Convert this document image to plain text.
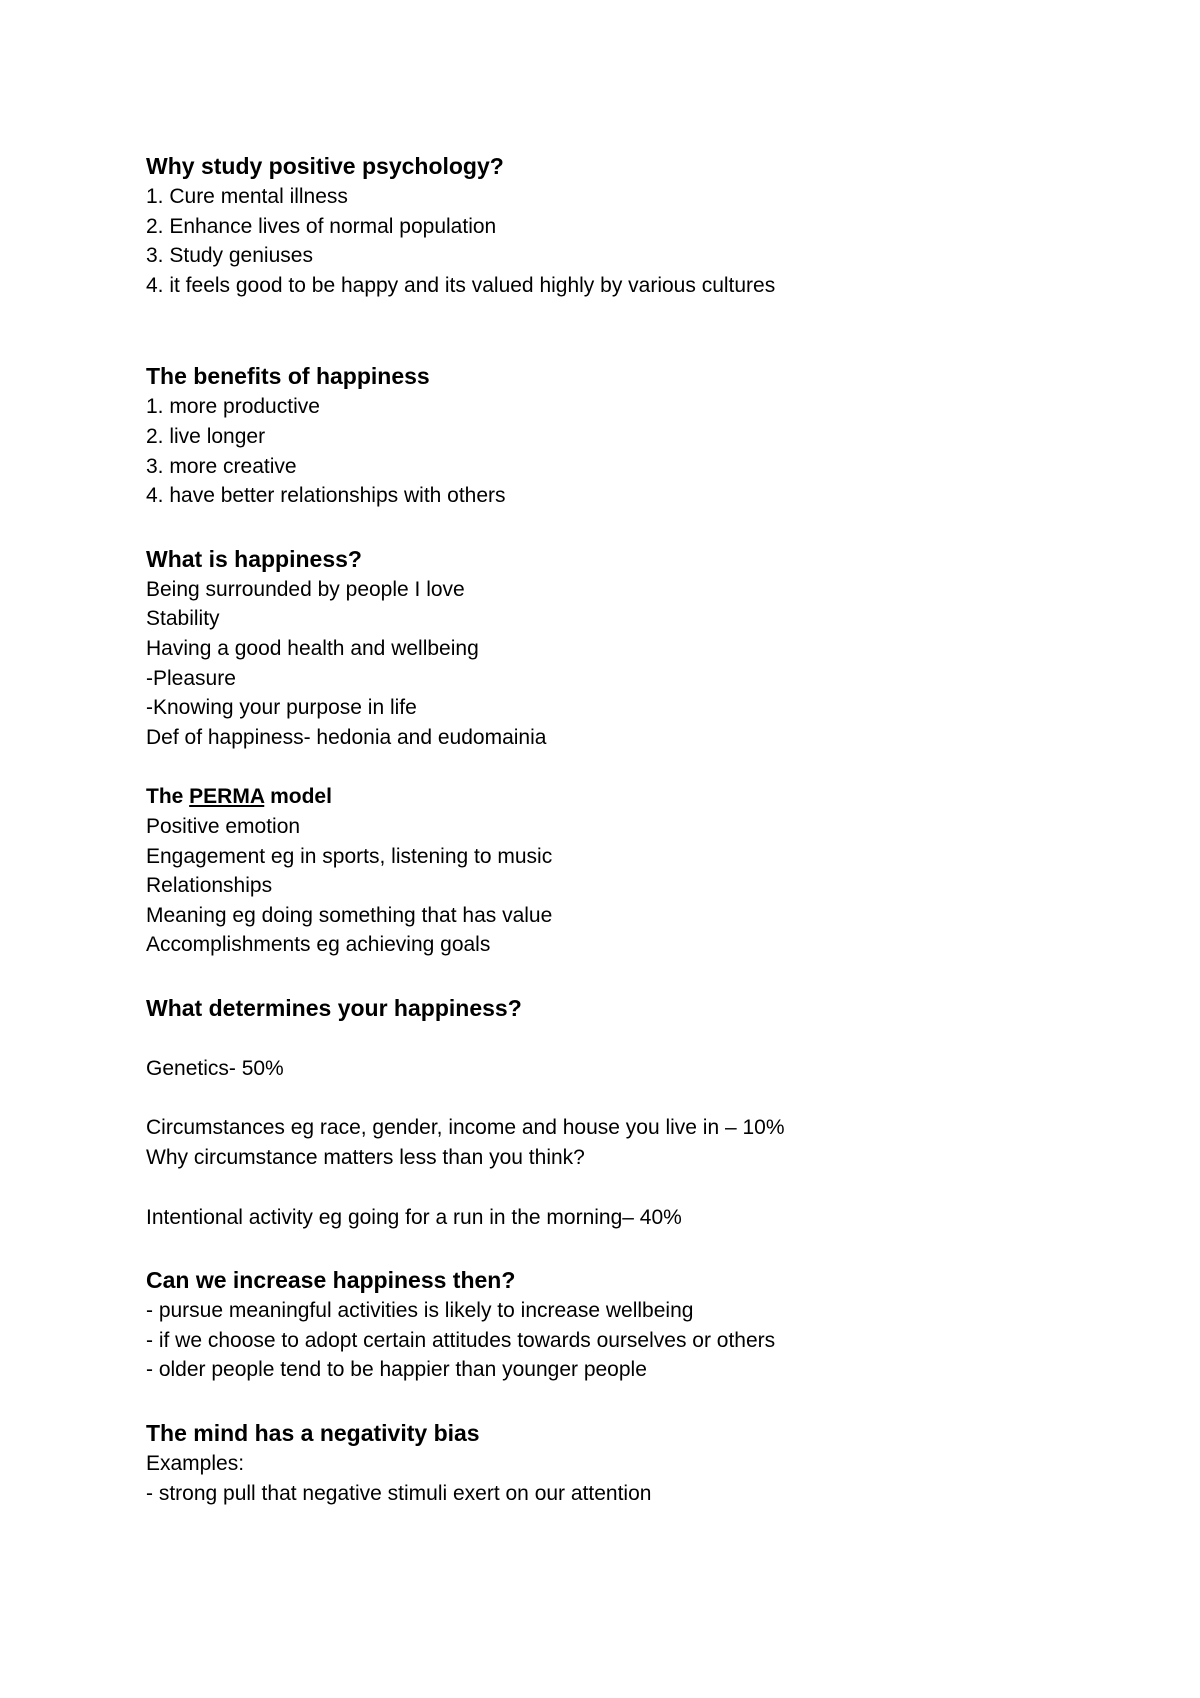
Why study positive psychology?
1. Cure mental illness
2. Enhance lives of normal population
3. Study geniuses
4. it feels good to be happy and its valued highly by various cultures
The benefits of happiness
1. more productive
2. live longer
3. more creative
4. have better relationships with others
What is happiness?
Being surrounded by people I love
Stability
Having a good health and wellbeing
-Pleasure
-Knowing your purpose in life
Def of happiness- hedonia and eudomainia
The PERMA model
Positive emotion
Engagement eg in sports, listening to music
Relationships
Meaning eg doing something that has value
Accomplishments eg achieving goals
What determines your happiness?
Genetics- 50%
Circumstances eg race, gender, income and house you live in – 10%
Why circumstance matters less than you think?
Intentional activity eg going for a run in the morning– 40%
Can we increase happiness then?
- pursue meaningful activities is likely to increase wellbeing
- if we choose to adopt certain attitudes towards ourselves or others
- older people tend to be happier than younger people
The mind has a negativity bias
Examples:
- strong pull that negative stimuli exert on our attention
